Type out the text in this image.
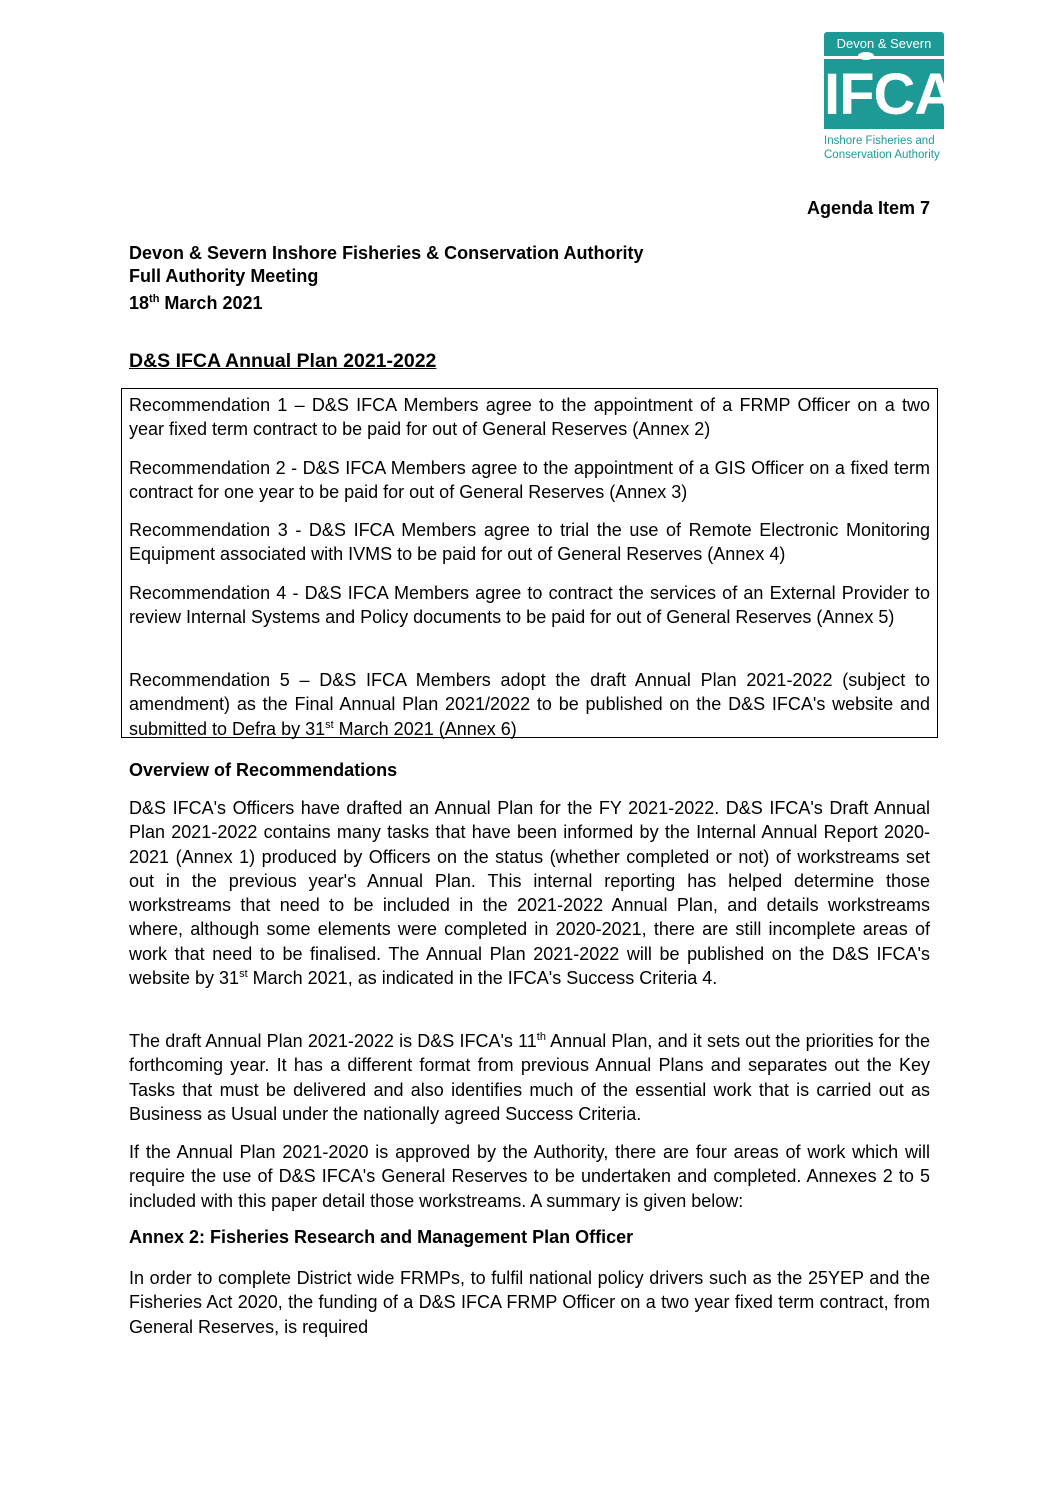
Devon & Severn
IFCA
Inshore Fisheries and
Conservation Authority
Agenda Item 7
Devon & Severn Inshore Fisheries & Conservation Authority
Full Authority Meeting
18th March 2021
D&S IFCA Annual Plan 2021-2022

Recommendation 1 – D&S IFCA Members agree to the appointment of a FRMP Officer on a two year fixed term contract to be paid for out of General Reserves (Annex 2)

Recommendation 2 - D&S IFCA Members agree to the appointment of a GIS Officer on a fixed term contract for one year to be paid for out of General Reserves (Annex 3)

Recommendation 3 - D&S IFCA Members agree to trial the use of Remote Electronic Monitoring Equipment associated with IVMS to be paid for out of General Reserves (Annex 4)

Recommendation 4 - D&S IFCA Members agree to contract the services of an External Provider to review Internal Systems and Policy documents to be paid for out of General Reserves (Annex 5)

Recommendation 5 – D&S IFCA Members adopt the draft Annual Plan 2021-2022 (subject to amendment) as the Final Annual Plan 2021/2022 to be published on the D&S IFCA's website and submitted to Defra by 31st March 2021 (Annex 6)

Overview of Recommendations

D&S IFCA's Officers have drafted an Annual Plan for the FY 2021-2022. D&S IFCA's Draft Annual Plan 2021-2022 contains many tasks that have been informed by the Internal Annual Report 2020-2021 (Annex 1) produced by Officers on the status (whether completed or not) of workstreams set out in the previous year's Annual Plan. This internal reporting has helped determine those workstreams that need to be included in the 2021-2022 Annual Plan, and details workstreams where, although some elements were completed in 2020-2021, there are still incomplete areas of work that need to be finalised. The Annual Plan 2021-2022 will be published on the D&S IFCA's website by 31st March 2021, as indicated in the IFCA's Success Criteria 4.

The draft Annual Plan 2021-2022 is D&S IFCA's 11th Annual Plan, and it sets out the priorities for the forthcoming year. It has a different format from previous Annual Plans and separates out the Key Tasks that must be delivered and also identifies much of the essential work that is carried out as Business as Usual under the nationally agreed Success Criteria.

If the Annual Plan 2021-2020 is approved by the Authority, there are four areas of work which will require the use of D&S IFCA's General Reserves to be undertaken and completed. Annexes 2 to 5 included with this paper detail those workstreams. A summary is given below:

Annex 2: Fisheries Research and Management Plan Officer

In order to complete District wide FRMPs, to fulfil national policy drivers such as the 25YEP and the Fisheries Act 2020, the funding of a D&S IFCA FRMP Officer on a two year fixed term contract, from General Reserves, is required
